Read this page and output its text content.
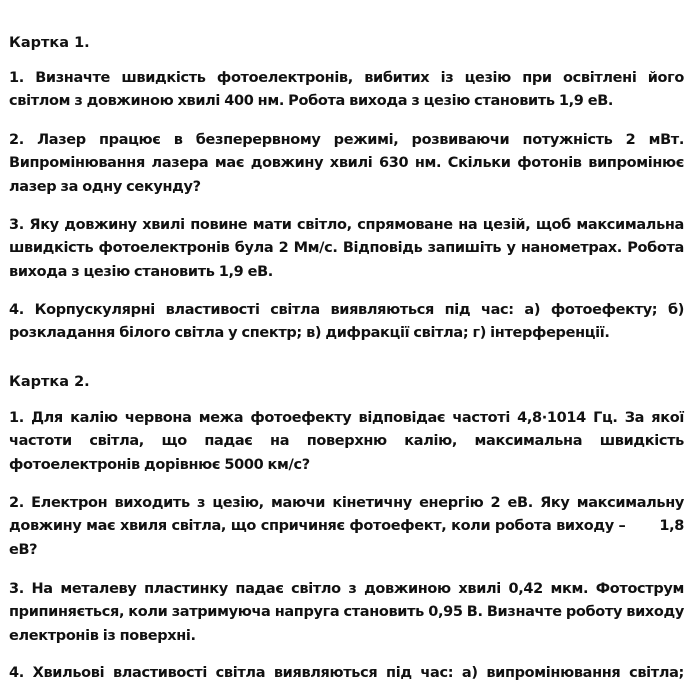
Картка 1.

1. Визначте швидкість фотоелектронів, вибитих із цезію при освітлені його світлом з довжиною хвилі 400 нм. Робота вихода з цезію становить 1,9 еВ.

2. Лазер працює в безперервному режимі, розвиваючи потужність 2 мВт. Випромінювання лазера має довжину хвилі 630 нм. Скільки фотонів випромінює лазер за одну секунду?

3. Яку довжину хвилі повине мати світло, спрямоване на цезій, щоб максимальна швидкість фотоелектронів була 2 Мм/с. Відповідь запишіть у нанометрах. Робота вихода з цезію становить 1,9 еВ.

4. Корпускулярні властивості світла виявляються під час: а) фотоефекту; б) розкладання білого світла у спектр; в) дифракції світла; г) інтерференції.

Картка 2.

1. Для калію червона межа фотоефекту відповідає частоті 4,8·1014 Гц. За якої частоти світла, що падає на поверхню калію, максимальна швидкість фотоелектронів дорівнює 5000 км/с?

2. Електрон виходить з цезію, маючи кінетичну енергію 2 еВ. Яку максимальну довжину має хвиля світла, що спричиняє фотоефект, коли робота виходу – 1,8 еВ?

3. На металеву пластинку падає світло з довжиною хвилі 0,42 мкм. Фотострум припиняється, коли затримуюча напруга становить 0,95 В. Визначте роботу виходу електронів із поверхні.

4. Хвильові властивості світла виявляються під час: а) випромінювання світла;
